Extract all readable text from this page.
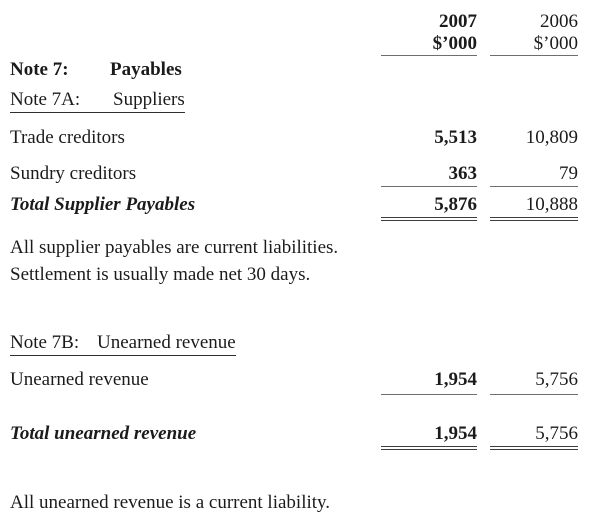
2007	2006
$’000	$’000
Note 7: Payables
Note 7A: Suppliers
Trade creditors	5,513	10,809
Sundry creditors	363	79
Total Supplier Payables	5,876	10,888
All supplier payables are current liabilities.
Settlement is usually made net 30 days.
Note 7B: Unearned revenue
Unearned revenue	1,954	5,756
Total unearned revenue	1,954	5,756
All unearned revenue is a current liability.
